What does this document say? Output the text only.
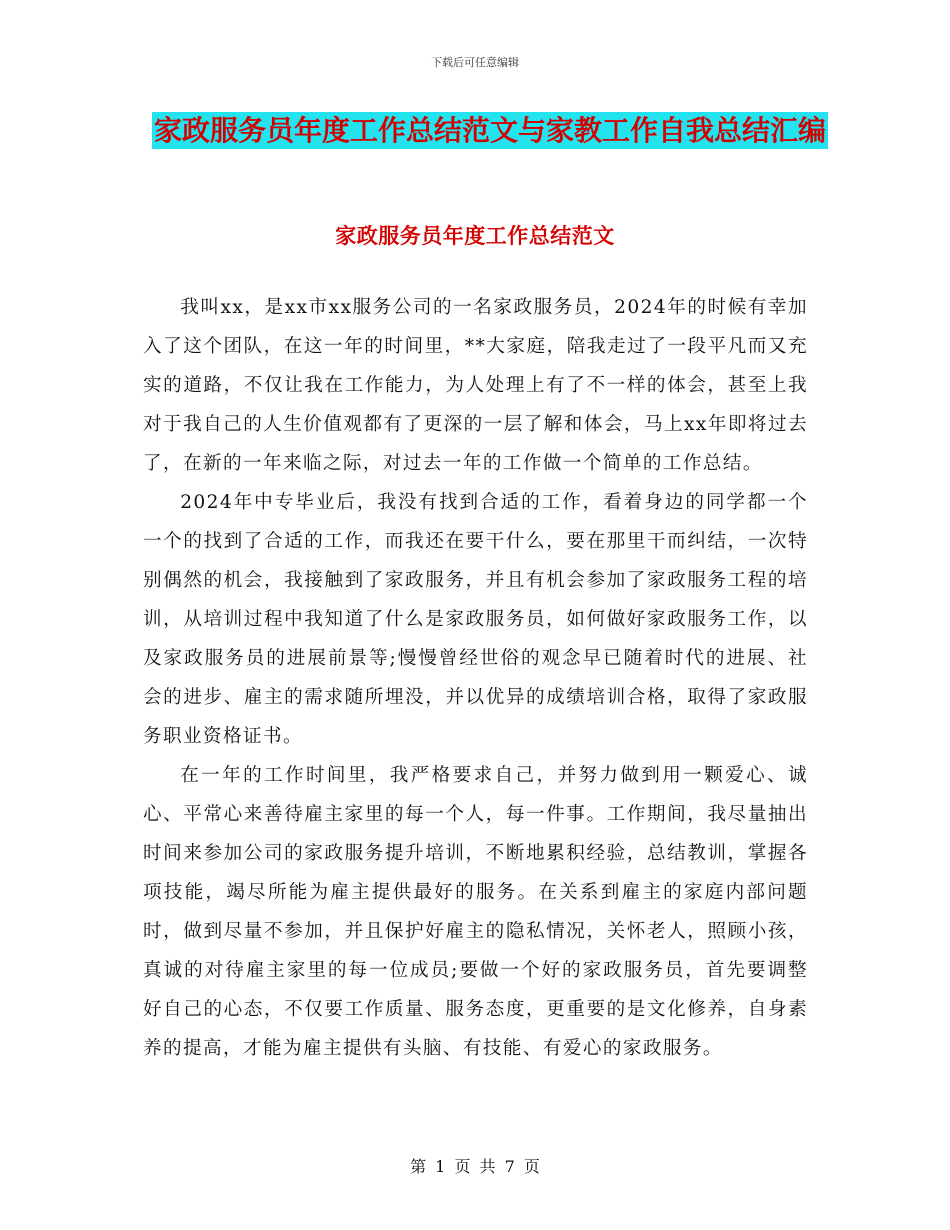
下载后可任意编辑
家政服务员年度工作总结范文与家教工作自我总结汇编
家政服务员年度工作总结范文

我叫xx，是xx市xx服务公司的一名家政服务员，2024年的时候有幸加入了这个团队，在这一年的时间里，**大家庭，陪我走过了一段平凡而又充实的道路，不仅让我在工作能力，为人处理上有了不一样的体会，甚至上我对于我自己的人生价值观都有了更深的一层了解和体会，马上xx年即将过去了，在新的一年来临之际，对过去一年的工作做一个简单的工作总结。

2024年中专毕业后，我没有找到合适的工作，看着身边的同学都一个一个的找到了合适的工作，而我还在要干什么，要在那里干而纠结，一次特别偶然的机会，我接触到了家政服务，并且有机会参加了家政服务工程的培训，从培训过程中我知道了什么是家政服务员，如何做好家政服务工作，以及家政服务员的进展前景等;慢慢曾经世俗的观念早已随着时代的进展、社会的进步、雇主的需求随所埋没，并以优异的成绩培训合格，取得了家政服务职业资格证书。

在一年的工作时间里，我严格要求自己，并努力做到用一颗爱心、诚心、平常心来善待雇主家里的每一个人，每一件事。工作期间，我尽量抽出时间来参加公司的家政服务提升培训，不断地累积经验，总结教训，掌握各项技能，竭尽所能为雇主提供最好的服务。在关系到雇主的家庭内部问题时，做到尽量不参加，并且保护好雇主的隐私情况，关怀老人，照顾小孩，真诚的对待雇主家里的每一位成员;要做一个好的家政服务员，首先要调整好自己的心态，不仅要工作质量、服务态度，更重要的是文化修养，自身素养的提高，才能为雇主提供有头脑、有技能、有爱心的家政服务。

第 1 页 共 7 页
